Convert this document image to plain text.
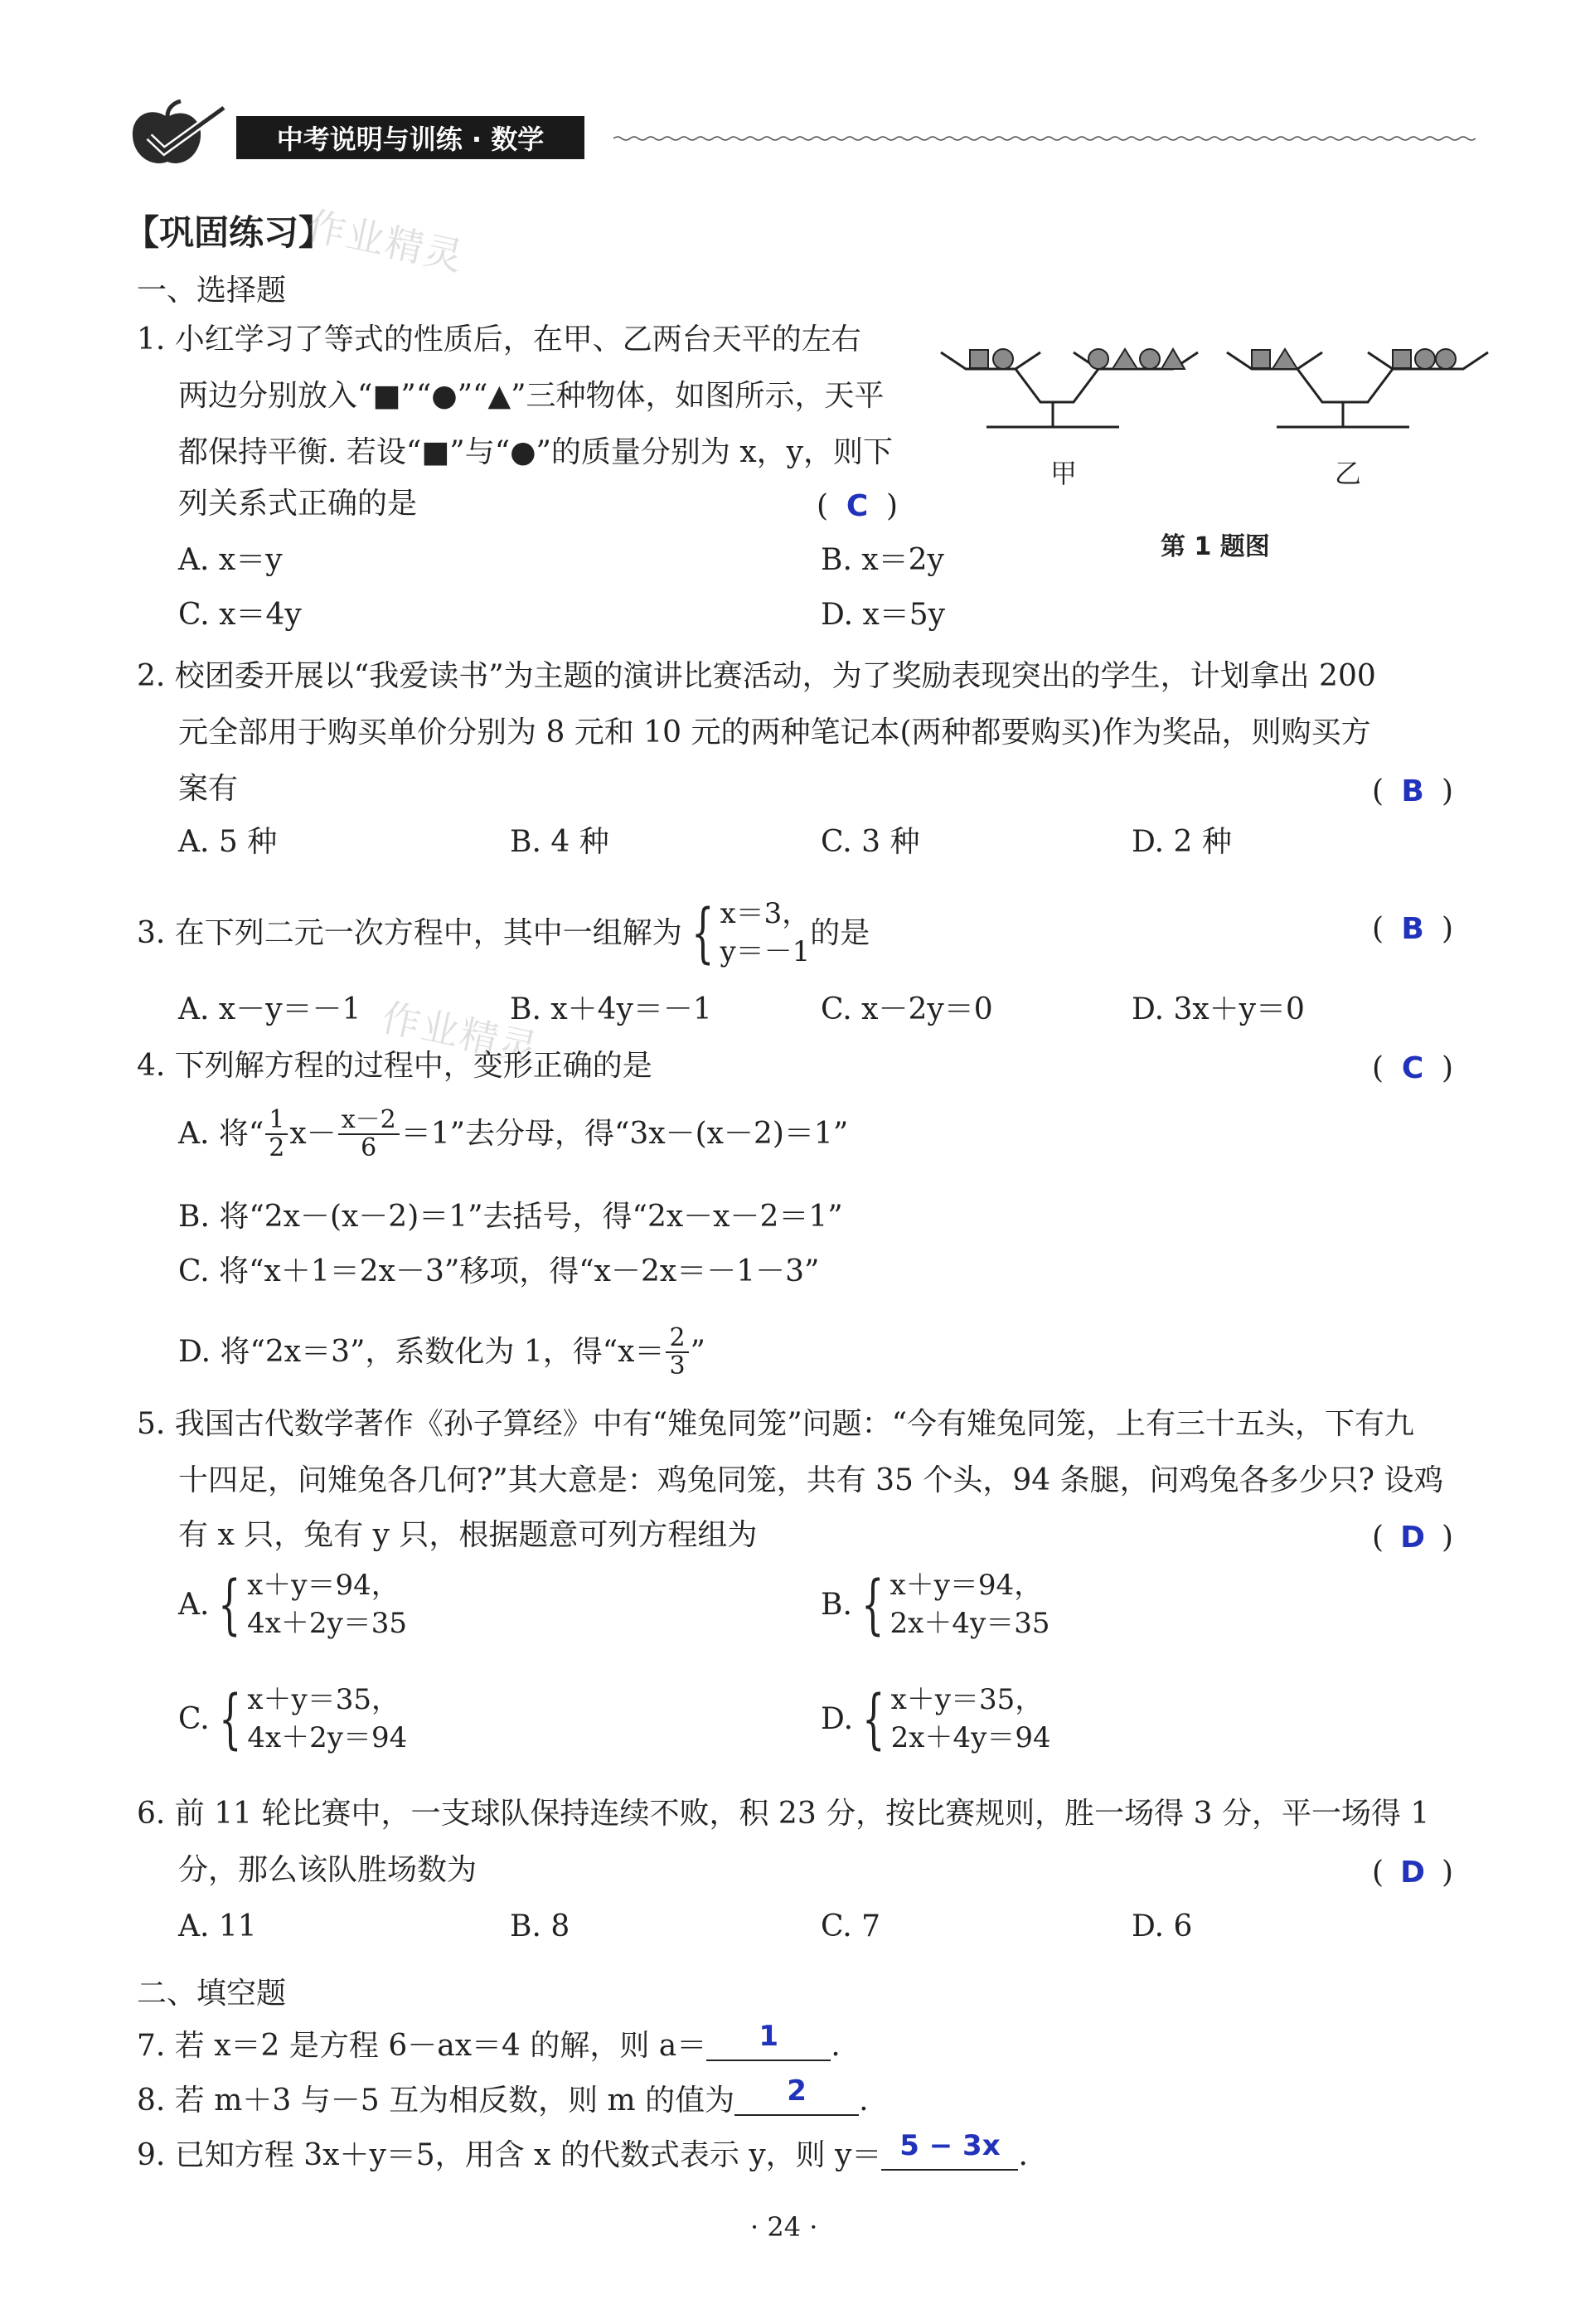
中考说明与训练 · 数学
【巩固练习】
作业精灵
一、选择题
1. 小红学习了等式的性质后，在甲、乙两台天平的左右
两边分别放入“■”“●”“▲”三种物体，如图所示，天平
都保持平衡. 若设“■”与“●”的质量分别为 x，y，则下
列关系式正确的是	( C )
A. x＝y	B. x＝2y
C. x＝4y	D. x＝5y
甲	乙
第 1 题图
2. 校团委开展以“我爱读书”为主题的演讲比赛活动，为了奖励表现突出的学生，计划拿出 200
元全部用于购买单价分别为 8 元和 10 元的两种笔记本(两种都要购买)作为奖品，则购买方
案有	( B )
A. 5 种	B. 4 种	C. 3 种	D. 2 种
3. 在下列二元一次方程中，其中一组解为 { x＝3，
y＝－1
的是	( B )
A. x－y＝－1	B. x＋4y＝－1	C. x－2y＝0	D. 3x＋y＝0
作业精灵
4. 下列解方程的过程中，变形正确的是	( C )
A. 将“ $\frac{1}{2} x- \frac{x-2}{6} =1$”去分母，得“3x－(x－2)＝1”
B. 将“2x－(x－2)＝1”去括号，得“2x－x－2＝1”
C. 将“x＋1＝2x－3”移项，得“x－2x＝－1－3”
D. 将“2x＝3”，系数化为 1，得“$x= \frac{2}{3}$ ”
5. 我国古代数学著作《孙子算经》中有“雉兔同笼”问题：“今有雉兔同笼，上有三十五头，下有九
十四足，问雉兔各几何?”其大意是：鸡兔同笼，共有 35 个头，94 条腿，问鸡兔各多少只? 设鸡
有 x 只，兔有 y 只，根据题意可列方程组为	( D )
A. { x＋y＝94，
4x＋2y＝35
B. { x＋y＝94，
2x＋4y＝35
C. { x＋y＝35，
4x＋2y＝94
D. { x＋y＝35，
2x＋4y＝94
6. 前 11 轮比赛中，一支球队保持连续不败，积 23 分，按比赛规则，胜一场得 3 分，平一场得 1
分，那么该队胜场数为	( D )
A. 11	B. 8	C. 7	D. 6
二、填空题
7. 若 x＝2 是方程 6－ax＝4 的解，则 a＝	1	.
8. 若 m＋3 与－5 互为相反数，则 m 的值为	2	.
9. 已知方程 3x＋y＝5，用含 x 的代数式表示 y，则 y＝ 5 − 3x .
· 24 ·
